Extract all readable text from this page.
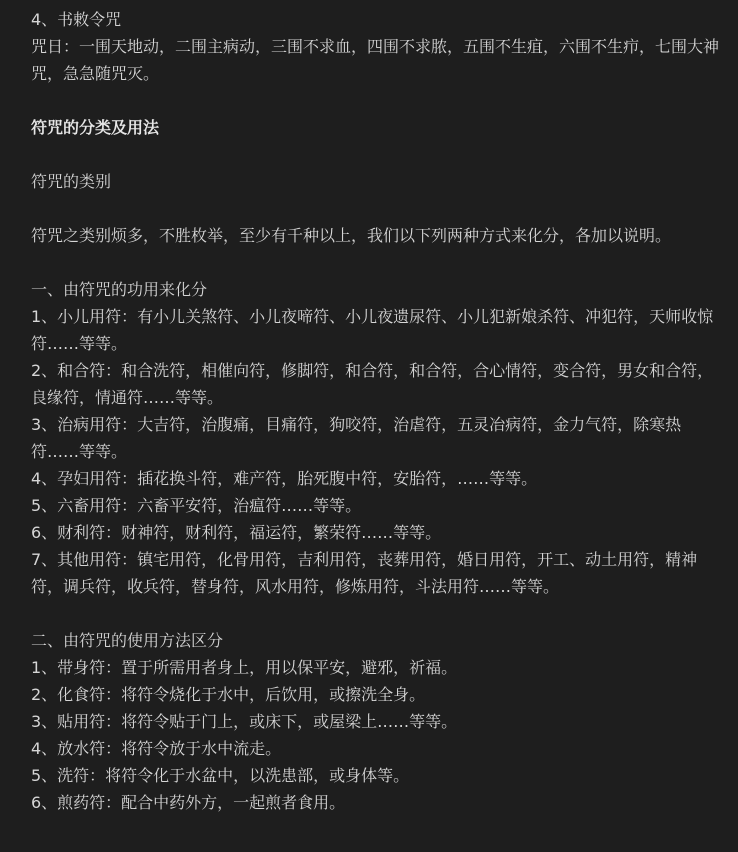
4、书敕令咒

咒日：一围天地动，二围主病动，三围不求血，四围不求脓，五围不生疽，六围不生疖，七围大神咒，急急随咒灭。

符咒的分类及用法

符咒的类别

符咒之类别烦多，不胜枚举，至少有千种以上，我们以下列两种方式来化分，各加以说明。

一、由符咒的功用来化分

1、小儿用符：有小儿关煞符、小儿夜啼符、小儿夜遗尿符、小儿犯新娘杀符、冲犯符，天师收惊符……等等。

2、和合符：和合洗符，相催向符，修脚符，和合符，和合符，合心情符，变合符，男女和合符，良缘符，情通符……等等。

3、治病用符：大吉符，治腹痛，目痛符，狗咬符，治虐符，五灵冶病符，金力气符，除寒热符……等等。

4、孕妇用符：插花换斗符，难产符，胎死腹中符，安胎符，……等等。

5、六畜用符：六畜平安符，治瘟符……等等。

6、财利符：财神符，财利符，福运符，繁荣符……等等。

7、其他用符：镇宅用符，化骨用符，吉利用符，丧葬用符，婚日用符，开工、动土用符，精神符，调兵符，收兵符，替身符，风水用符，修炼用符，斗法用符……等等。

二、由符咒的使用方法区分

1、带身符：置于所需用者身上，用以保平安，避邪，祈福。

2、化食符：将符令烧化于水中，后饮用，或擦洗全身。

3、贴用符：将符令贴于门上，或床下，或屋梁上……等等。

4、放水符：将符令放于水中流走。

5、洗符：将符令化于水盆中，以洗患部，或身体等。

6、煎药符：配合中药外方，一起煎者食用。
